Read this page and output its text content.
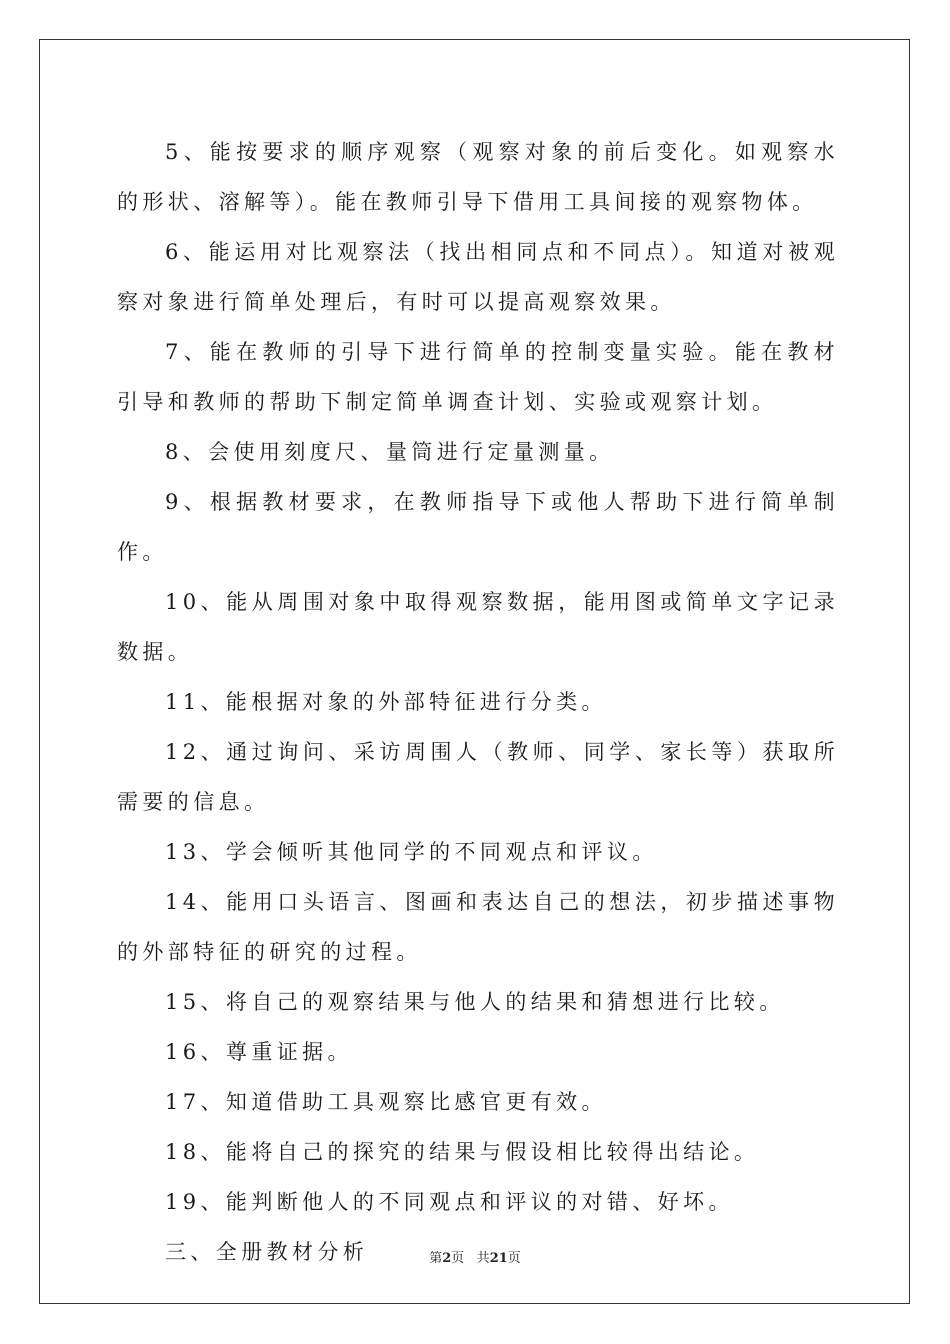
5、能按要求的顺序观察（观察对象的前后变化。如观察水的形状、溶解等）。能在教师引导下借用工具间接的观察物体。

6、能运用对比观察法（找出相同点和不同点）。知道对被观察对象进行简单处理后，有时可以提高观察效果。

7、能在教师的引导下进行简单的控制变量实验。能在教材引导和教师的帮助下制定简单调查计划、实验或观察计划。

8、会使用刻度尺、量筒进行定量测量。

9、根据教材要求，在教师指导下或他人帮助下进行简单制作。

10、能从周围对象中取得观察数据，能用图或简单文字记录数据。

11、能根据对象的外部特征进行分类。

12、通过询问、采访周围人（教师、同学、家长等）获取所需要的信息。

13、学会倾听其他同学的不同观点和评议。

14、能用口头语言、图画和表达自己的想法，初步描述事物的外部特征的研究的过程。

15、将自己的观察结果与他人的结果和猜想进行比较。

16、尊重证据。

17、知道借助工具观察比感官更有效。

18、能将自己的探究的结果与假设相比较得出结论。

19、能判断他人的不同观点和评议的对错、好坏。

三、全册教材分析	第2页 共21页
